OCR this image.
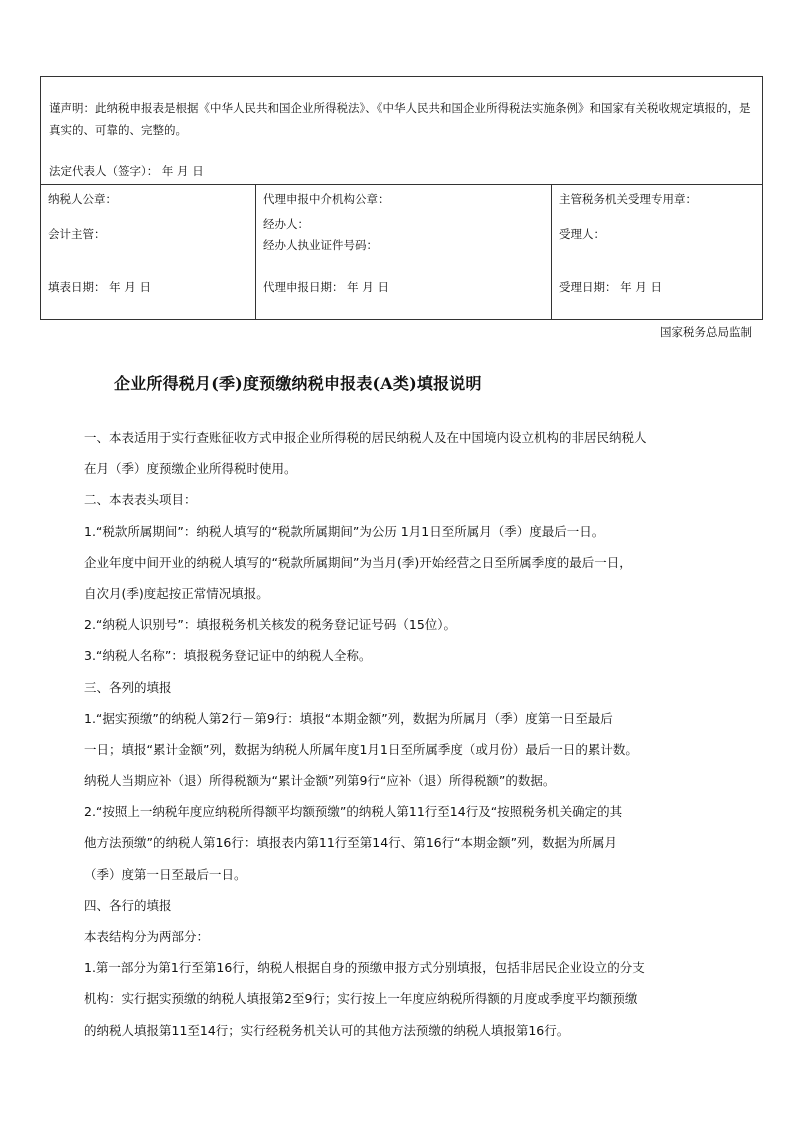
谨声明：此纳税申报表是根据《中华人民共和国企业所得税法》、《中华人民共和国企业所得税法实施条例》和国家有关税收规定填报的，是真实的、可靠的、完整的。
法定代表人（签字）： 年 月 日
纳税人公章：
会计主管：
填表日期： 年 月 日
代理申报中介机构公章：
经办人：
经办人执业证件号码：
代理申报日期： 年 月 日
主管税务机关受理专用章：
受理人：
受理日期： 年 月 日
国家税务总局监制
企业所得税月(季)度预缴纳税申报表(A类)填报说明

一、本表适用于实行查账征收方式申报企业所得税的居民纳税人及在中国境内设立机构的非居民纳税人

在月（季）度预缴企业所得税时使用。

二、本表表头项目：

1.“税款所属期间”：纳税人填写的“税款所属期间”为公历 1月1日至所属月（季）度最后一日。

企业年度中间开业的纳税人填写的“税款所属期间”为当月(季)开始经营之日至所属季度的最后一日，

自次月(季)度起按正常情况填报。

2.“纳税人识别号”：填报税务机关核发的税务登记证号码（15位）。

3.“纳税人名称”：填报税务登记证中的纳税人全称。

三、各列的填报

1.“据实预缴”的纳税人第2行－第9行：填报“本期金额”列，数据为所属月（季）度第一日至最后

一日；填报“累计金额”列，数据为纳税人所属年度1月1日至所属季度（或月份）最后一日的累计数。

纳税人当期应补（退）所得税额为“累计金额”列第9行“应补（退）所得税额”的数据。

2.“按照上一纳税年度应纳税所得额平均额预缴”的纳税人第11行至14行及“按照税务机关确定的其

他方法预缴”的纳税人第16行：填报表内第11行至第14行、第16行“本期金额”列，数据为所属月

（季）度第一日至最后一日。

四、各行的填报

本表结构分为两部分：

1.第一部分为第1行至第16行，纳税人根据自身的预缴申报方式分别填报，包括非居民企业设立的分支

机构：实行据实预缴的纳税人填报第2至9行；实行按上一年度应纳税所得额的月度或季度平均额预缴

的纳税人填报第11至14行；实行经税务机关认可的其他方法预缴的纳税人填报第16行。
